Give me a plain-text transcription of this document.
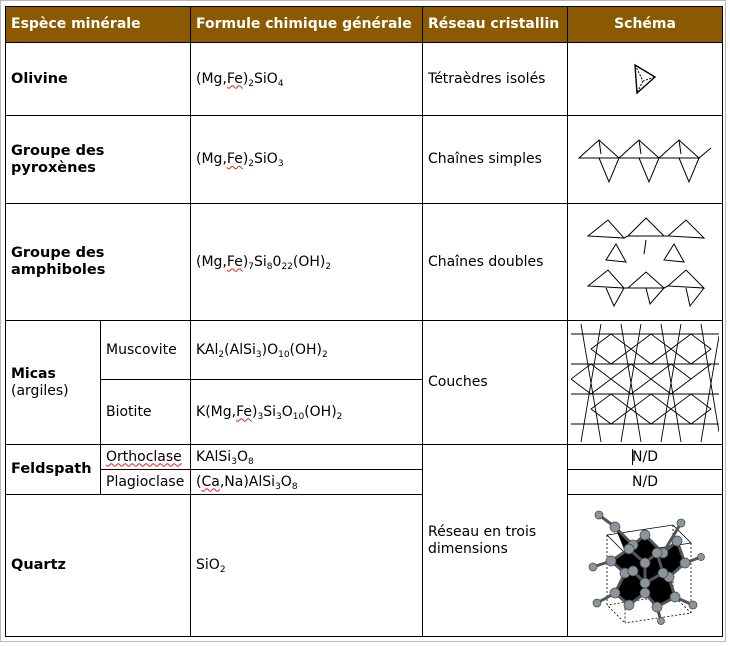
Espèce minérale		Formule chimique générale	Réseau cristallin	Schéma
Olivine		$(Mg,Fe)_2SiO_4$	Tétraèdres isolés	

Groupe des pyroxènes		$(Mg,Fe)_2SiO_3$	Chaînes simples	

Groupe des amphiboles		$(Mg,Fe)_7Si_80_{22}(OH)_2$	Chaînes doubles	

Micas
(argiles)	Muscovite	$KAl_2(AlSi_3)O_{10}(OH)_2$	Couches	

	Biotite	$K(Mg,Fe)_3Si_3O_{10}(OH)_2$
Feldspath	Orthoclase	$KAlSi_3O_8$	Réseau en trois dimensions	N/D
	Plagioclase	$(Ca,Na)AlSi_3O_8$		N/D
Quartz		SiO$_2$	
